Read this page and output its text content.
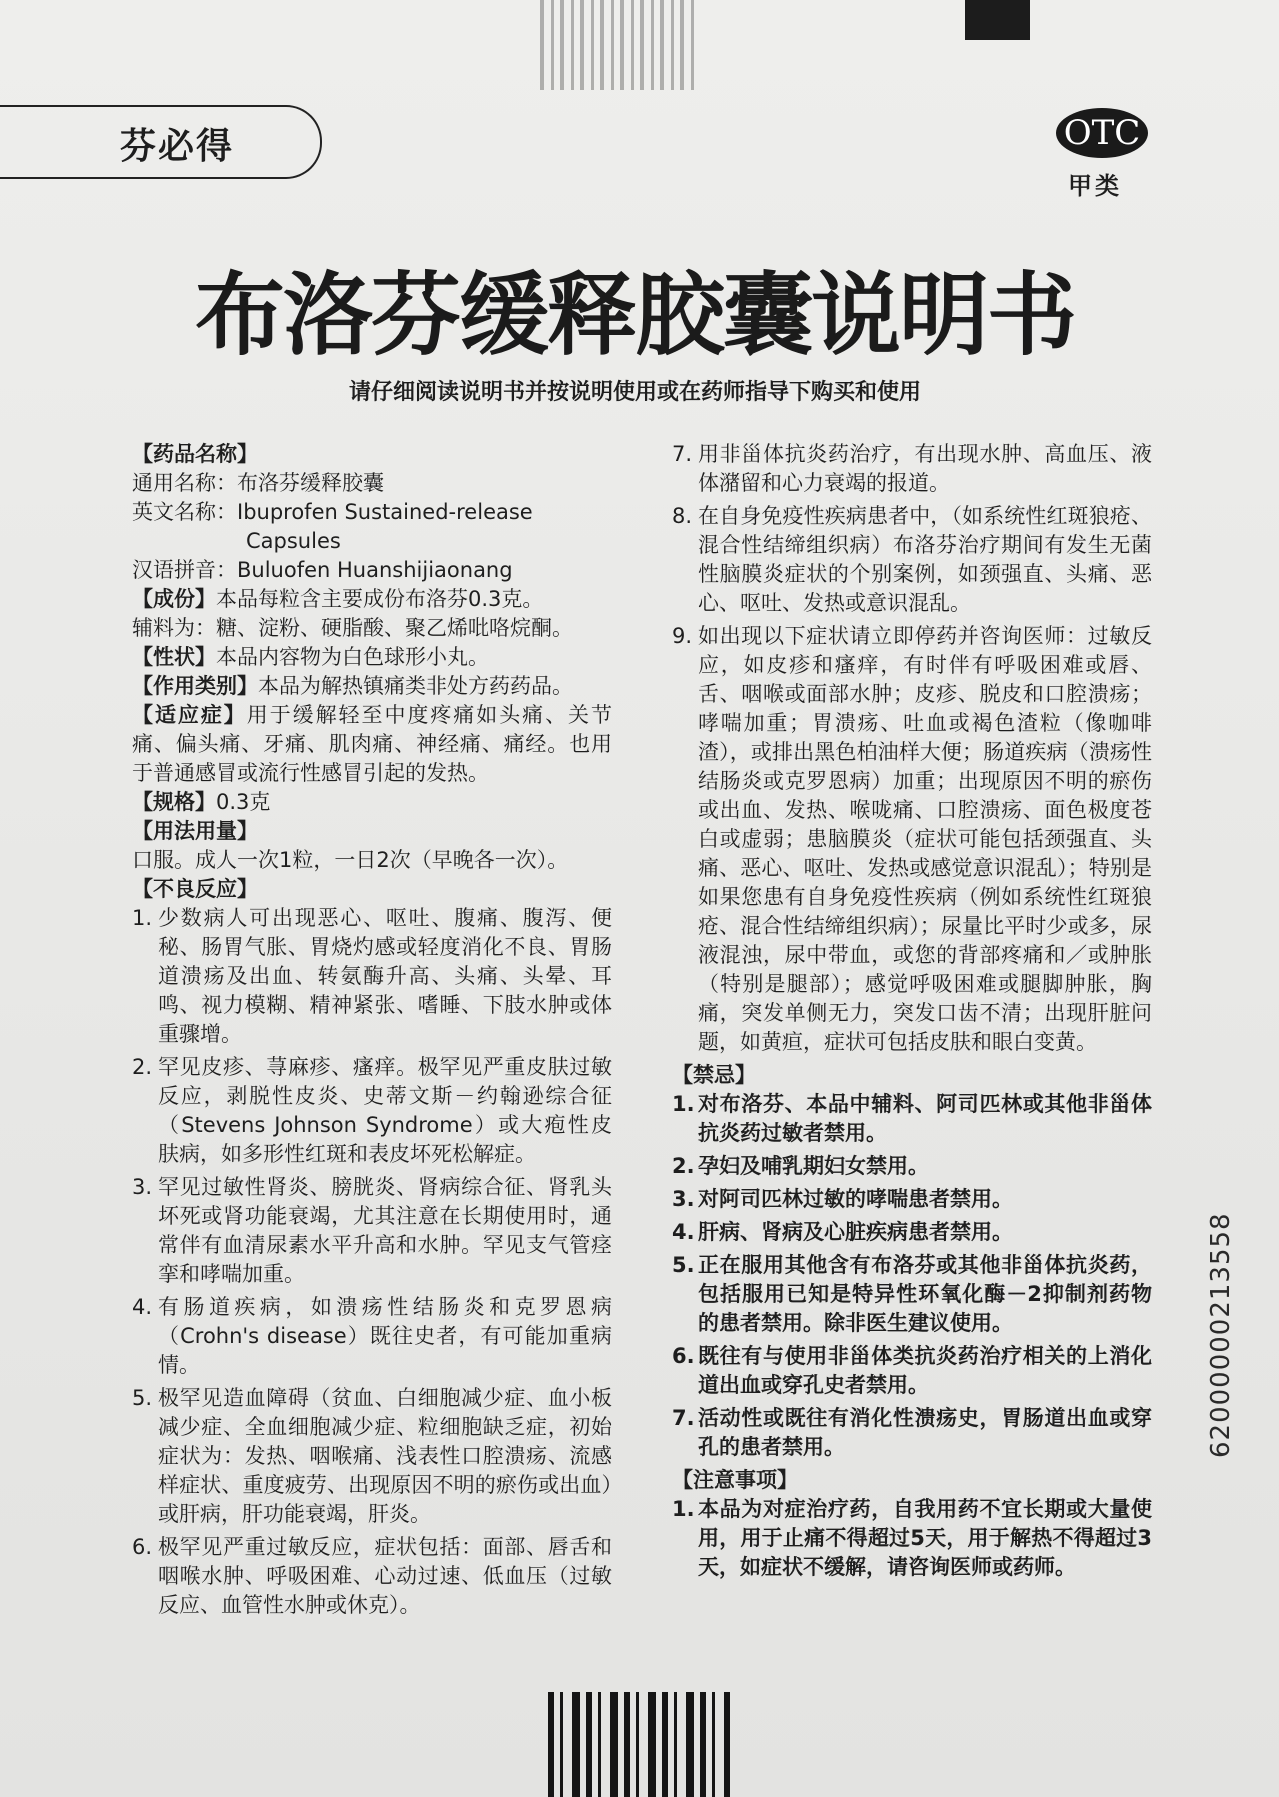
芬必得	OTC
甲类
布洛芬缓释胶囊说明书
请仔细阅读说明书并按说明使用或在药师指导下购买和使用
【药品名称】
通用名称：布洛芬缓释胶囊
英文名称：Ibuprofen Sustained-release
Capsules
汉语拼音：Buluofen Huanshijiaonang
【成份】本品每粒含主要成份布洛芬0.3克。
辅料为：糖、淀粉、硬脂酸、聚乙烯吡咯烷酮。
【性状】本品内容物为白色球形小丸。
【作用类别】本品为解热镇痛类非处方药药品。
【适应症】用于缓解轻至中度疼痛如头痛、关节痛、偏头痛、牙痛、肌肉痛、神经痛、痛经。也用于普通感冒或流行性感冒引起的发热。
【规格】0.3克
【用法用量】
口服。成人一次1粒，一日2次（早晚各一次）。
【不良反应】
1. 少数病人可出现恶心、呕吐、腹痛、腹泻、便秘、肠胃气胀、胃烧灼感或轻度消化不良、胃肠道溃疡及出血、转氨酶升高、头痛、头晕、耳鸣、视力模糊、精神紧张、嗜睡、下肢水肿或体重骤增。
2. 罕见皮疹、荨麻疹、瘙痒。极罕见严重皮肤过敏反应，剥脱性皮炎、史蒂文斯－约翰逊综合征（Stevens Johnson Syndrome）或大疱性皮肤病，如多形性红斑和表皮坏死松解症。
3. 罕见过敏性肾炎、膀胱炎、肾病综合征、肾乳头坏死或肾功能衰竭，尤其注意在长期使用时，通常伴有血清尿素水平升高和水肿。罕见支气管痉挛和哮喘加重。
4. 有肠道疾病，如溃疡性结肠炎和克罗恩病（Crohn's disease）既往史者，有可能加重病情。
5. 极罕见造血障碍（贫血、白细胞减少症、血小板减少症、全血细胞减少症、粒细胞缺乏症，初始症状为：发热、咽喉痛、浅表性口腔溃疡、流感样症状、重度疲劳、出现原因不明的瘀伤或出血）或肝病，肝功能衰竭，肝炎。
6. 极罕见严重过敏反应，症状包括：面部、唇舌和咽喉水肿、呼吸困难、心动过速、低血压（过敏反应、血管性水肿或休克）。
7. 用非甾体抗炎药治疗，有出现水肿、高血压、液体潴留和心力衰竭的报道。
8. 在自身免疫性疾病患者中，（如系统性红斑狼疮、混合性结缔组织病）布洛芬治疗期间有发生无菌性脑膜炎症状的个别案例，如颈强直、头痛、恶心、呕吐、发热或意识混乱。
9. 如出现以下症状请立即停药并咨询医师：过敏反应，如皮疹和瘙痒，有时伴有呼吸困难或唇、舌、咽喉或面部水肿；皮疹、脱皮和口腔溃疡；哮喘加重；胃溃疡、吐血或褐色渣粒（像咖啡渣），或排出黑色柏油样大便；肠道疾病（溃疡性结肠炎或克罗恩病）加重；出现原因不明的瘀伤或出血、发热、喉咙痛、口腔溃疡、面色极度苍白或虚弱；患脑膜炎（症状可能包括颈强直、头痛、恶心、呕吐、发热或感觉意识混乱）；特别是如果您患有自身免疫性疾病（例如系统性红斑狼疮、混合性结缔组织病）；尿量比平时少或多，尿液混浊，尿中带血，或您的背部疼痛和／或肿胀（特别是腿部）；感觉呼吸困难或腿脚肿胀，胸痛，突发单侧无力，突发口齿不清；出现肝脏问题，如黄疸，症状可包括皮肤和眼白变黄。
【禁忌】
1. 对布洛芬、本品中辅料、阿司匹林或其他非甾体抗炎药过敏者禁用。
2. 孕妇及哺乳期妇女禁用。
3. 对阿司匹林过敏的哮喘患者禁用。
4. 肝病、肾病及心脏疾病患者禁用。
5. 正在服用其他含有布洛芬或其他非甾体抗炎药，包括服用已知是特异性环氧化酶－2抑制剂药物的患者禁用。除非医生建议使用。
6. 既往有与使用非甾体类抗炎药治疗相关的上消化道出血或穿孔史者禁用。
7. 活动性或既往有消化性溃疡史，胃肠道出血或穿孔的患者禁用。
【注意事项】
1. 本品为对症治疗药，自我用药不宜长期或大量使用，用于止痛不得超过5天，用于解热不得超过3天，如症状不缓解，请咨询医师或药师。
62000000213558
